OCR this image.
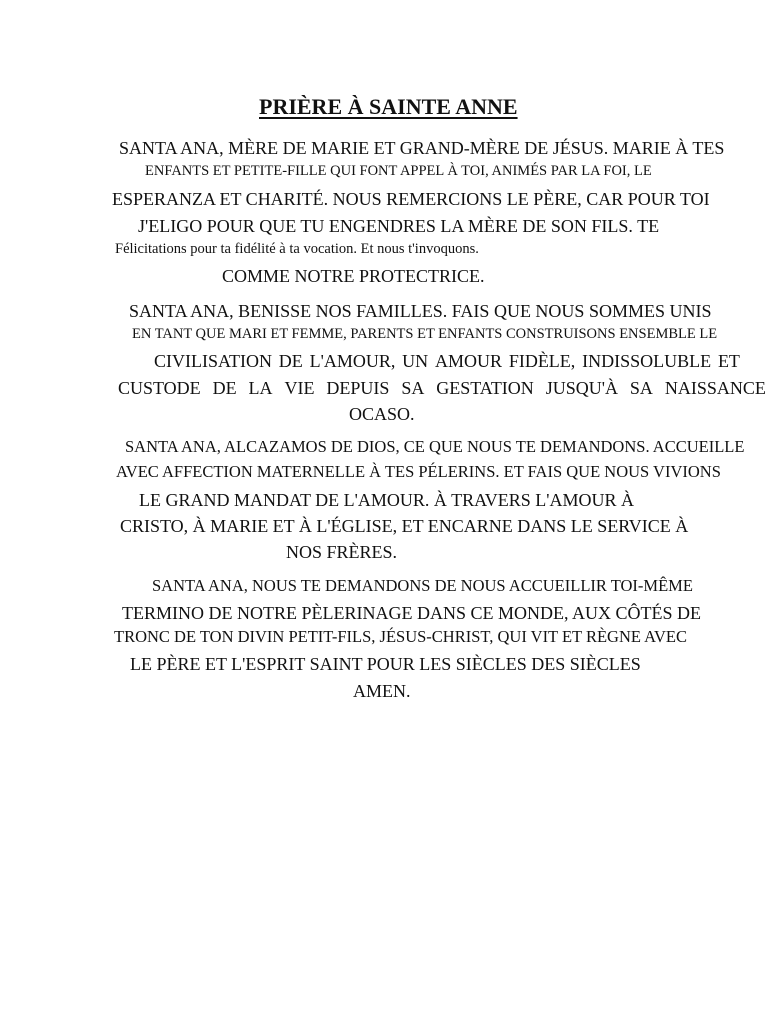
PRIÈRE À SAINTE ANNE
SANTA ANA, MÈRE DE MARIE ET GRAND-MÈRE DE JÉSUS. MARIE À TES
ENFANTS ET PETITE-FILLE QUI FONT APPEL À TOI, ANIMÉS PAR LA FOI, LE
ESPERANZA ET CHARITÉ. NOUS REMERCIONS LE PÈRE, CAR POUR TOI
J'ELIGO POUR QUE TU ENGENDRES LA MÈRE DE SON FILS. TE
Félicitations pour ta fidélité à ta vocation. Et nous t'invoquons.
COMME NOTRE PROTECTRICE.
SANTA ANA, BENISSE NOS FAMILLES. FAIS QUE NOUS SOMMES UNIS
EN TANT QUE MARI ET FEMME, PARENTS ET ENFANTS CONSTRUISONS ENSEMBLE LE
CIVILISATION DE L'AMOUR, UN AMOUR FIDÈLE, INDISSOLUBLE ET
CUSTODE DE LA VIE DEPUIS SA GESTATION JUSQU'À SA NAISSANCE
OCASO.
SANTA ANA, ALCAZAMOS DE DIOS, CE QUE NOUS TE DEMANDONS. ACCUEILLE
AVEC AFFECTION MATERNELLE À TES PÉLERINS. ET FAIS QUE NOUS VIVIONS
LE GRAND MANDAT DE L'AMOUR. À TRAVERS L'AMOUR À
CRISTO, À MARIE ET À L'ÉGLISE, ET ENCARNE DANS LE SERVICE À
NOS FRÈRES.
SANTA ANA, NOUS TE DEMANDONS DE NOUS ACCUEILLIR TOI-MÊME
TERMINO DE NOTRE PÈLERINAGE DANS CE MONDE, AUX CÔTÉS DE
TRONC DE TON DIVIN PETIT-FILS, JÉSUS-CHRIST, QUI VIT ET RÈGNE AVEC
LE PÈRE ET L'ESPRIT SAINT POUR LES SIÈCLES DES SIÈCLES
AMEN.
